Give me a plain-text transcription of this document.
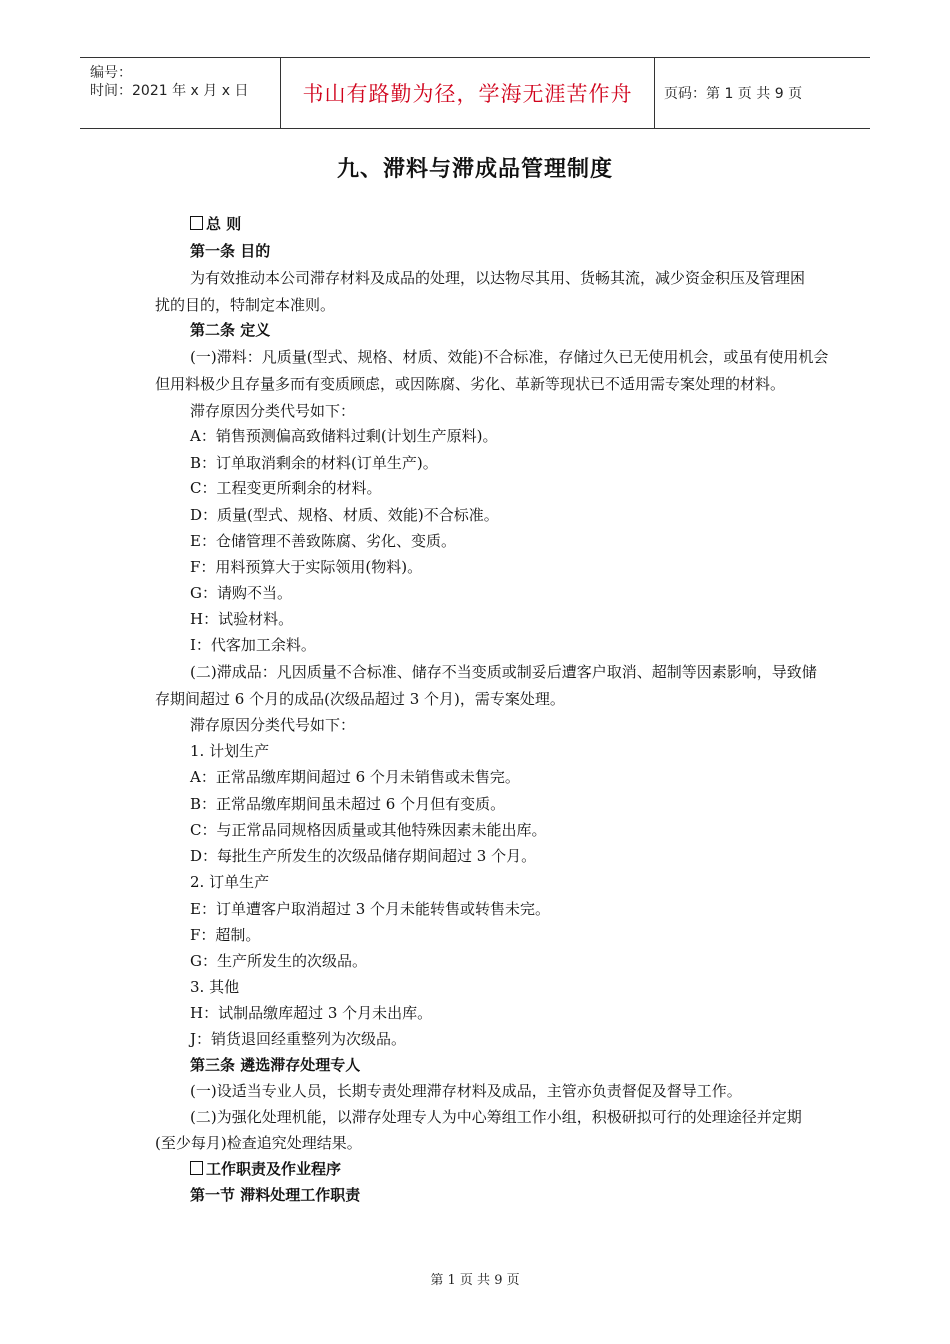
编号：
时间：2021 年 x 月 x 日	书山有路勤为径，学海无涯苦作舟	页码：第 1 页 共 9 页
九、滞料与滞成品管理制度
总 则
第一条 目的
为有效推动本公司滞存材料及成品的处理，以达物尽其用、货畅其流，减少资金积压及管理困
扰的目的，特制定本准则。
第二条 定义
(一)滞料：凡质量(型式、规格、材质、效能)不合标准，存储过久已无使用机会，或虽有使用机会
但用料极少且存量多而有变质顾虑，或因陈腐、劣化、革新等现状已不适用需专案处理的材料。
滞存原因分类代号如下：
A：销售预测偏高致储料过剩(计划生产原料)。
B：订单取消剩余的材料(订单生产)。
C：工程变更所剩余的材料。
D：质量(型式、规格、材质、效能)不合标准。
E：仓储管理不善致陈腐、劣化、变质。
F：用料预算大于实际领用(物料)。
G：请购不当。
H：试验材料。
I：代客加工余料。
(二)滞成品：凡因质量不合标准、储存不当变质或制妥后遭客户取消、超制等因素影响，导致储
存期间超过 6 个月的成品(次级品超过 3 个月)，需专案处理。
滞存原因分类代号如下：
1. 计划生产
A：正常品缴库期间超过 6 个月未销售或未售完。
B：正常品缴库期间虽未超过 6 个月但有变质。
C：与正常品同规格因质量或其他特殊因素未能出库。
D：每批生产所发生的次级品储存期间超过 3 个月。
2. 订单生产
E：订单遭客户取消超过 3 个月未能转售或转售未完。
F：超制。
G：生产所发生的次级品。
3. 其他
H：试制品缴库超过 3 个月未出库。
J：销货退回经重整列为次级品。
第三条 遴选滞存处理专人
(一)设适当专业人员，长期专责处理滞存材料及成品，主管亦负责督促及督导工作。
(二)为强化处理机能，以滞存处理专人为中心筹组工作小组，积极研拟可行的处理途径并定期
(至少每月)检查追究处理结果。
工作职责及作业程序
第一节 滞料处理工作职责
第 1 页 共 9 页
